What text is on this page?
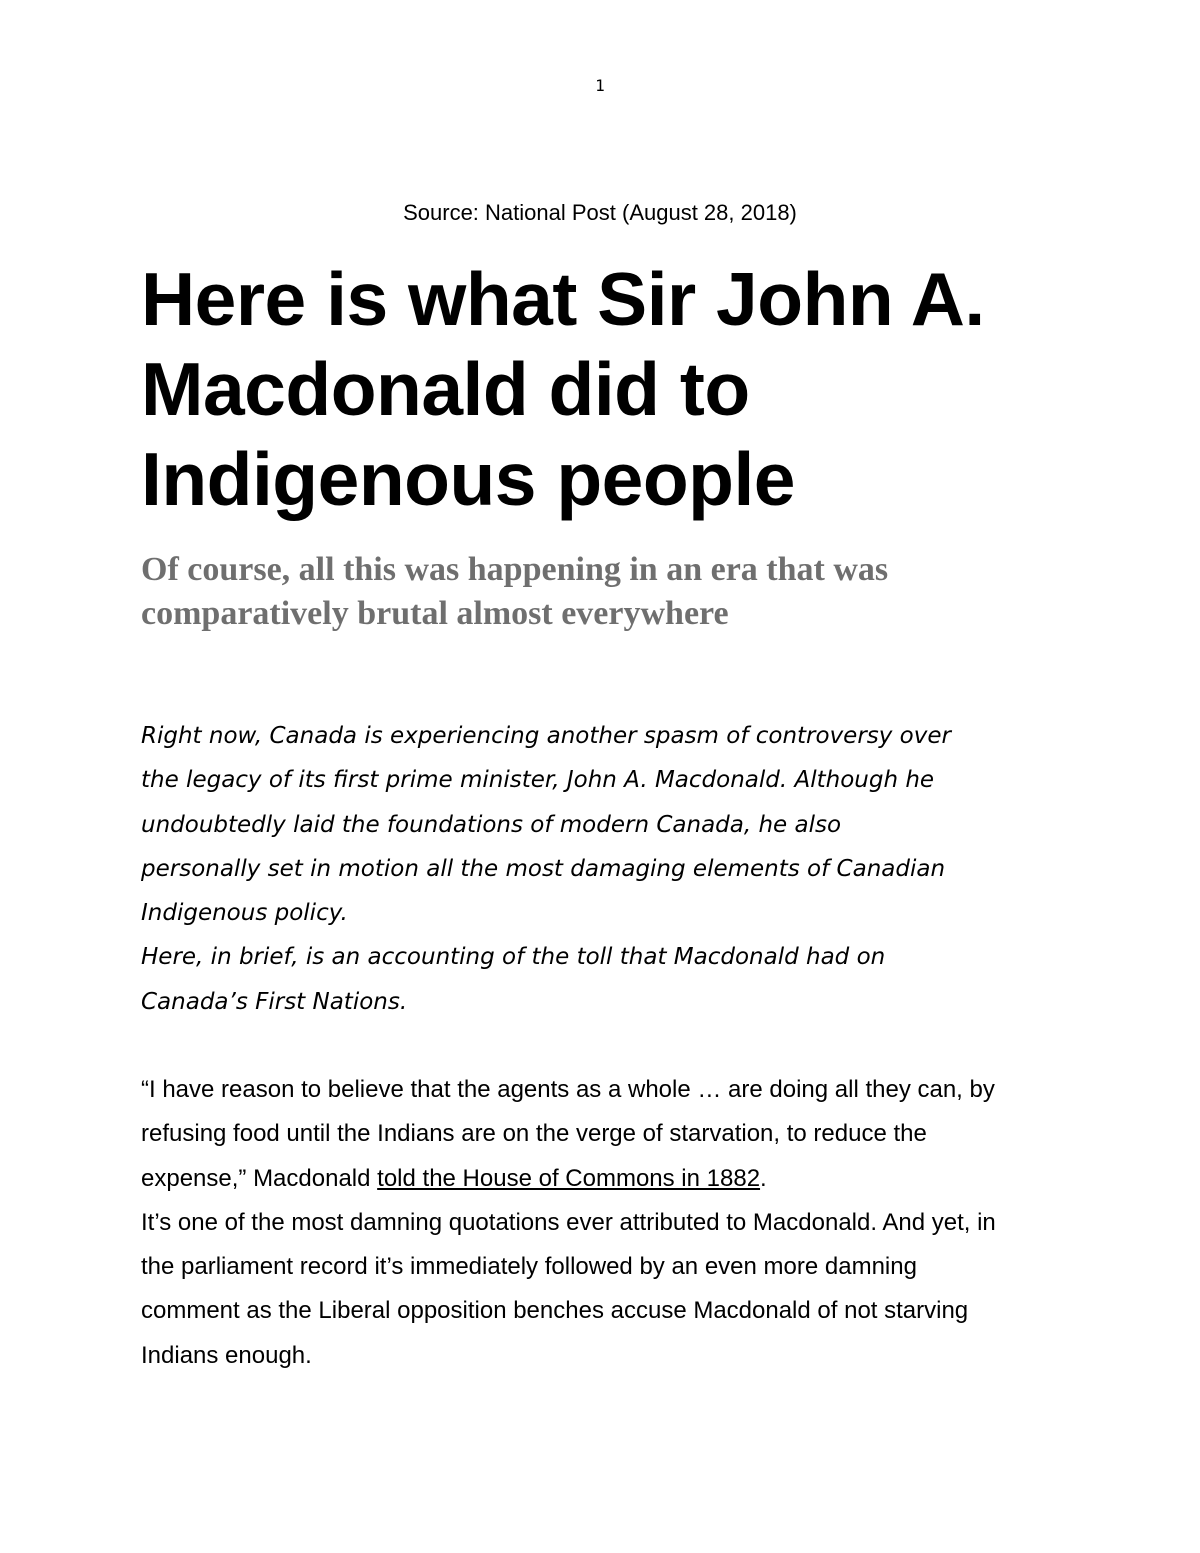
1
Source: National Post (August 28, 2018)
Here is what Sir John A.
Macdonald did to
Indigenous people
Of course, all this was happening in an era that was
comparatively brutal almost everywhere
Right now, Canada is experiencing another spasm of controversy over
the legacy of its first prime minister, John A. Macdonald. Although he
undoubtedly laid the foundations of modern Canada, he also
personally set in motion all the most damaging elements of Canadian
Indigenous policy.
Here, in brief, is an accounting of the toll that Macdonald had on
Canada’s First Nations.
“I have reason to believe that the agents as a whole … are doing all they can, by
refusing food until the Indians are on the verge of starvation, to reduce the
expense,” Macdonald told the House of Commons in 1882.
It’s one of the most damning quotations ever attributed to Macdonald. And yet, in
the parliament record it’s immediately followed by an even more damning
comment as the Liberal opposition benches accuse Macdonald of not starving
Indians enough.
